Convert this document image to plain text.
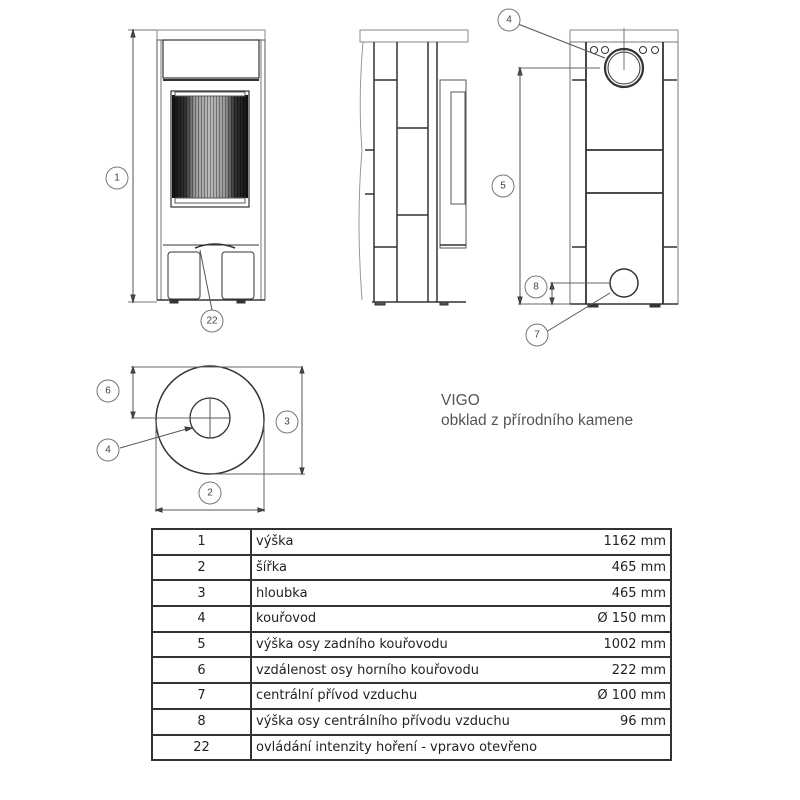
1
22
4
5
8
7
6
4
3
2
VIGO
obklad z přírodního kamene
1	výška	1162 mm
2	šířka	465 mm
3	hloubka	465 mm
4	kouřovod	Ø 150 mm
5	výška osy zadního kouřovodu	1002 mm
6	vzdálenost osy horního kouřovodu	222 mm
7	centrální přívod vzduchu	Ø 100 mm
8	výška osy centrálního přívodu vzduchu	96 mm
22	ovládání intenzity hoření - vpravo otevřeno	
